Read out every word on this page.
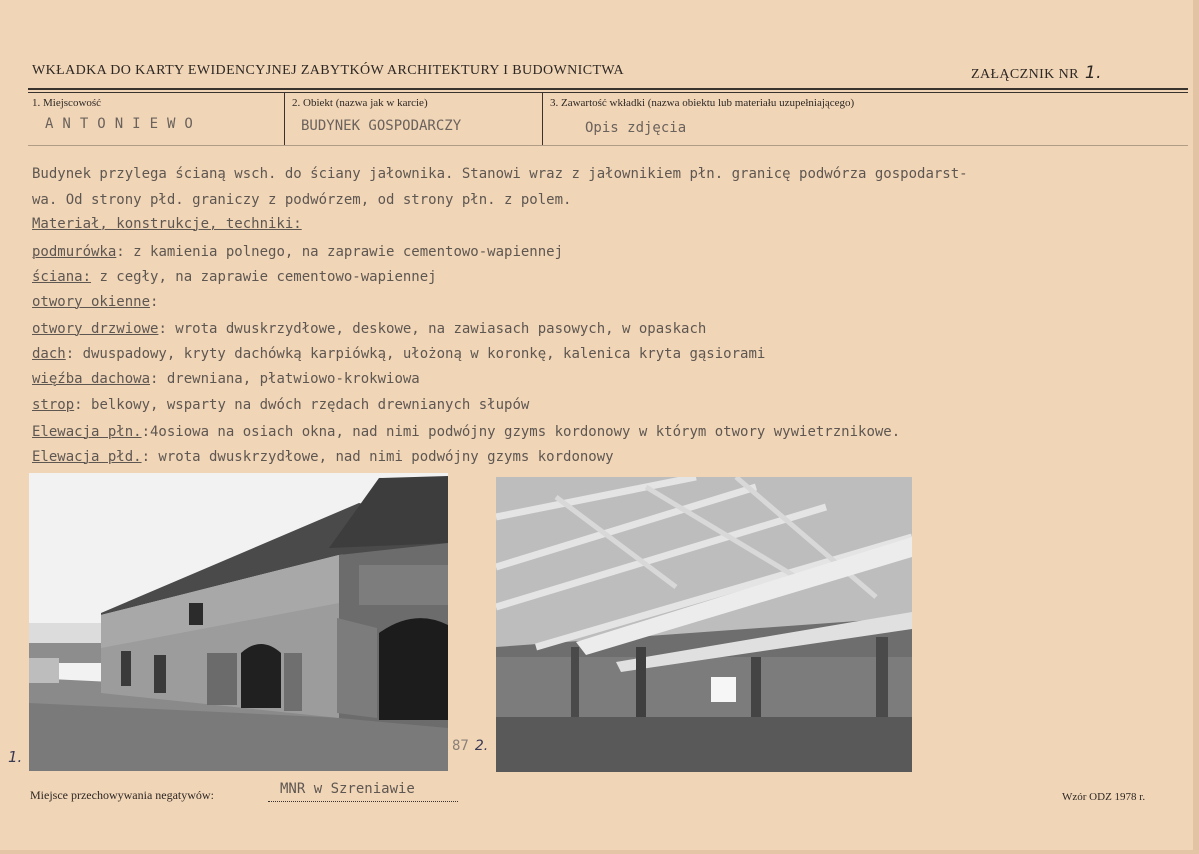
WKŁADKA DO KARTY EWIDENCYJNEJ ZABYTKÓW ARCHITEKTURY I BUDOWNICTWA	ZAŁĄCZNIK NR 1.
1. Miejscowość	2. Obiekt (nazwa jak w karcie)	3. Zawartość wkładki (nazwa obiektu lub materiału uzupełniającego)
ANTONIEWO	BUDYNEK GOSPODARCZY	Opis zdjęcia
Budynek przylega ścianą wsch. do ściany jałownika. Stanowi wraz z jałownikiem płn. granicę podwórza gospodarst-
wa. Od strony płd. graniczy z podwórzem, od strony płn. z polem.
Materiał, konstrukcje, techniki:
podmurówka: z kamienia polnego, na zaprawie cementowo-wapiennej
ściana: z cegły, na zaprawie cementowo-wapiennej
otwory okienne:
otwory drzwiowe: wrota dwuskrzydłowe, deskowe, na zawiasach pasowych, w opaskach
dach: dwuspadowy, kryty dachówką karpiówką, ułożoną w koronkę, kalenica kryta gąsiorami
więźba dachowa: drewniana, płatwiowo-krokwiowa
strop: belkowy, wsparty na dwóch rzędach drewnianych słupów
Elewacja płn.:4osiowa na osiach okna, nad nimi podwójny gzyms kordonowy w którym otwory wywietrznikowe.
Elewacja płd.: wrota dwuskrzydłowe, nad nimi podwójny gzyms kordonowy
1.
87 2.
Miejsce przechowywania negatywów:	MNR w Szreniawie	Wzór ODZ 1978 r.
